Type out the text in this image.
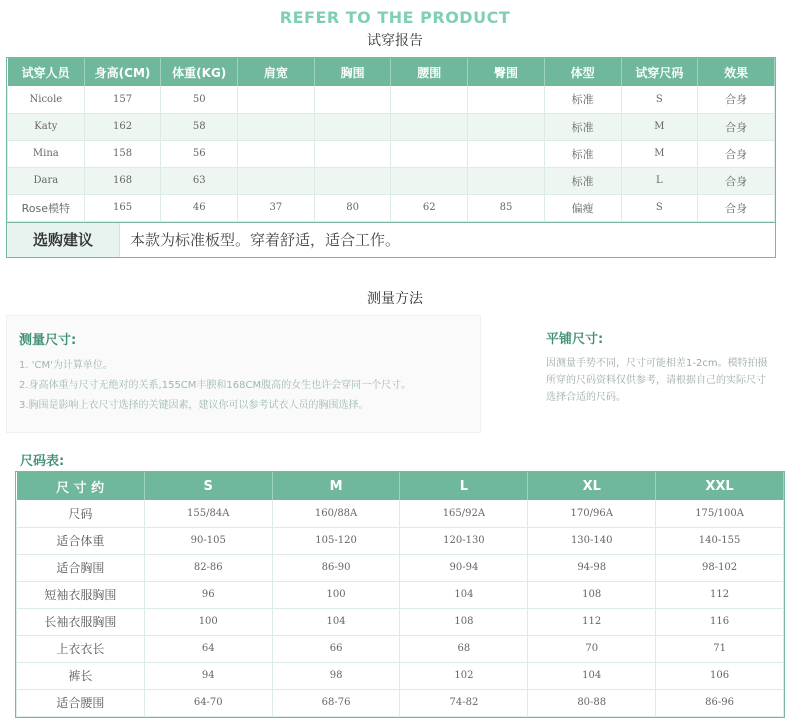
REFER TO THE PRODUCT
试穿报告
试穿人员	身高(CM)	体重(KG)	肩宽	胸围	腰围	臀围	体型	试穿尺码	效果
Nicole	157	50					标准	S	合身
Katy	162	58					标准	M	合身
Mina	158	56					标准	M	合身
Dara	168	63					标准	L	合身
Rose模特	165	46	37	80	62	85	偏瘦	S	合身
选购建议	本款为标准板型。穿着舒适，适合工作。
测量方法
测量尺寸:

1. 'CM'为计算单位。

2.身高体重与尺寸无绝对的关系,155CM丰腴和168CM腹高的女生也许会穿同一个尺寸。

3.胸围是影响上衣尺寸选择的关键因素，建议你可以参考试衣人员的胸围选择。

平铺尺寸:

因测量手势不同，尺寸可能相差1-2cm。模特拍摄所穿的尺码资料仅供参考，请根据自己的实际尺寸选择合适的尺码。

尺码表:
尺 寸 约	S	M	L	XL	XXL
尺码	155/84A	160/88A	165/92A	170/96A	175/100A
适合体重	90-105	105-120	120-130	130-140	140-155
适合胸围	82-86	86-90	90-94	94-98	98-102
短袖衣服胸围	96	100	104	108	112
长袖衣服胸围	100	104	108	112	116
上衣衣长	64	66	68	70	71
裤长	94	98	102	104	106
适合腰围	64-70	68-76	74-82	80-88	86-96
